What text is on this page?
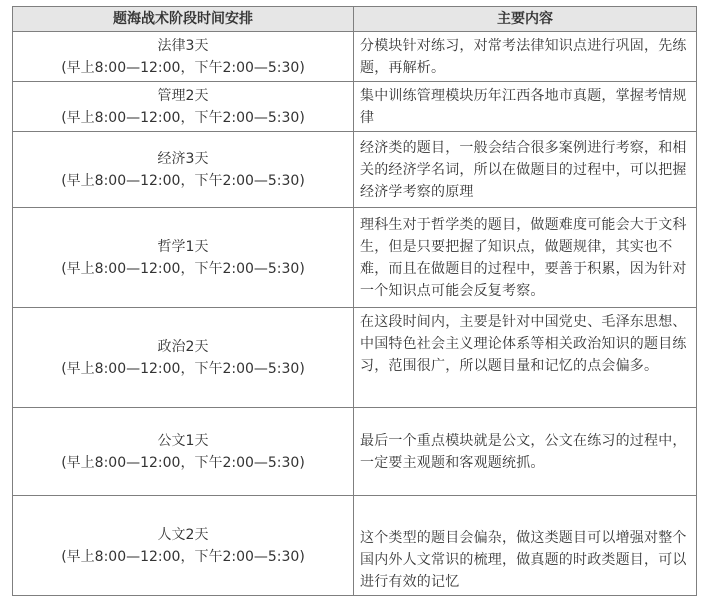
题海战术阶段时间安排	主要内容

法律3天
(早上8:00—12:00，下午2:00—5:30)	分模块针对练习，对常考法律知识点进行巩固，先练题，再解析。

管理2天
(早上8:00—12:00，下午2:00—5:30)	集中训练管理模块历年江西各地市真题，掌握考情规律

经济3天
(早上8:00—12:00，下午2:00—5:30)	经济类的题目，一般会结合很多案例进行考察，和相关的经济学名词，所以在做题目的过程中，可以把握经济学考察的原理

哲学1天
(早上8:00—12:00，下午2:00—5:30)	理科生对于哲学类的题目，做题难度可能会大于文科生，但是只要把握了知识点，做题规律，其实也不难，而且在做题目的过程中，要善于积累，因为针对一个知识点可能会反复考察。

政治2天
(早上8:00—12:00，下午2:00—5:30)	在这段时间内，主要是针对中国党史、毛泽东思想、中国特色社会主义理论体系等相关政治知识的题目练习，范围很广，所以题目量和记忆的点会偏多。

公文1天
(早上8:00—12:00，下午2:00—5:30)	最后一个重点模块就是公文，公文在练习的过程中，一定要主观题和客观题统抓。

人文2天
(早上8:00—12:00，下午2:00—5:30)	这个类型的题目会偏杂，做这类题目可以增强对整个国内外人文常识的梳理，做真题的时政类题目，可以进行有效的记忆
